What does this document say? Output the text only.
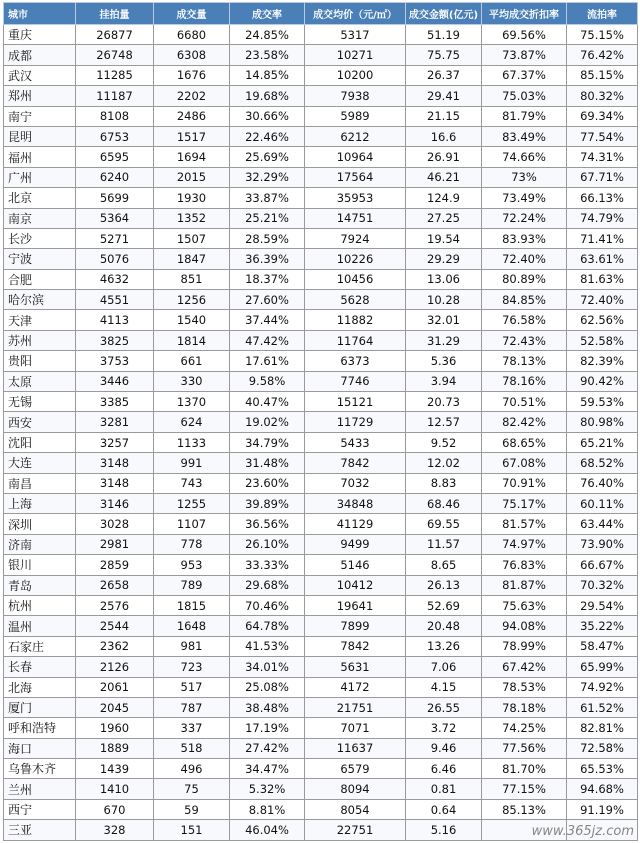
城市	挂拍量	成交量	成交率	成交均价（元/㎡）	成交金额(亿元)	平均成交折扣率	流拍率
重庆	26877	6680	24.85%	5317	51.19	69.56%	75.15%
成都	26748	6308	23.58%	10271	75.75	73.87%	76.42%
武汉	11285	1676	14.85%	10200	26.37	67.37%	85.15%
郑州	11187	2202	19.68%	7938	29.41	75.03%	80.32%
南宁	8108	2486	30.66%	5989	21.15	81.79%	69.34%
昆明	6753	1517	22.46%	6212	16.6	83.49%	77.54%
福州	6595	1694	25.69%	10964	26.91	74.66%	74.31%
广州	6240	2015	32.29%	17564	46.21	73%	67.71%
北京	5699	1930	33.87%	35953	124.9	73.49%	66.13%
南京	5364	1352	25.21%	14751	27.25	72.24%	74.79%
长沙	5271	1507	28.59%	7924	19.54	83.93%	71.41%
宁波	5076	1847	36.39%	10226	29.29	72.40%	63.61%
合肥	4632	851	18.37%	10456	13.06	80.89%	81.63%
哈尔滨	4551	1256	27.60%	5628	10.28	84.85%	72.40%
天津	4113	1540	37.44%	11882	32.01	76.58%	62.56%
苏州	3825	1814	47.42%	11764	31.29	72.43%	52.58%
贵阳	3753	661	17.61%	6373	5.36	78.13%	82.39%
太原	3446	330	9.58%	7746	3.94	78.16%	90.42%
无锡	3385	1370	40.47%	15121	20.73	70.51%	59.53%
西安	3281	624	19.02%	11729	12.57	82.42%	80.98%
沈阳	3257	1133	34.79%	5433	9.52	68.65%	65.21%
大连	3148	991	31.48%	7842	12.02	67.08%	68.52%
南昌	3148	743	23.60%	7032	8.83	70.91%	76.40%
上海	3146	1255	39.89%	34848	68.46	75.17%	60.11%
深圳	3028	1107	36.56%	41129	69.55	81.57%	63.44%
济南	2981	778	26.10%	9499	11.57	74.97%	73.90%
银川	2859	953	33.33%	5146	8.65	76.83%	66.67%
青岛	2658	789	29.68%	10412	26.13	81.87%	70.32%
杭州	2576	1815	70.46%	19641	52.69	75.63%	29.54%
温州	2544	1648	64.78%	7899	20.48	94.08%	35.22%
石家庄	2362	981	41.53%	7842	13.26	78.99%	58.47%
长春	2126	723	34.01%	5631	7.06	67.42%	65.99%
北海	2061	517	25.08%	4172	4.15	78.53%	74.92%
厦门	2045	787	38.48%	21751	26.55	78.18%	61.52%
呼和浩特	1960	337	17.19%	7071	3.72	74.25%	82.81%
海口	1889	518	27.42%	11637	9.46	77.56%	72.58%
乌鲁木齐	1439	496	34.47%	6579	6.46	81.70%	65.53%
兰州	1410	75	5.32%	8094	0.81	77.15%	94.68%
西宁	670	59	8.81%	8054	0.64	85.13%	91.19%
三亚	328	151	46.04%	22751	5.16			www.365jz.com
